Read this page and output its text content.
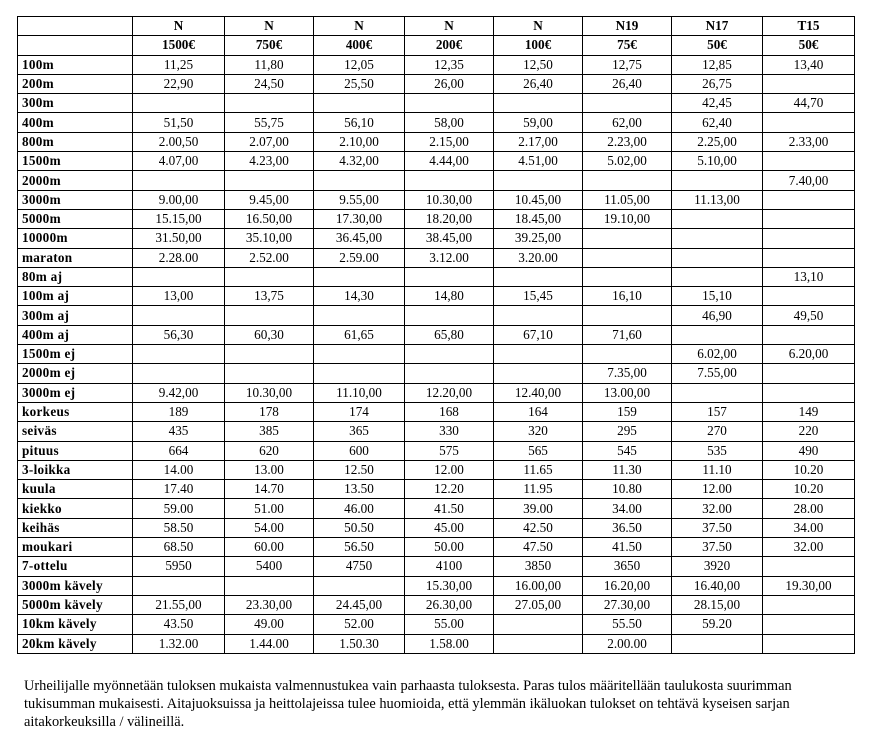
	N	N	N	N	N	N19	N17	T15
	1500€	750€	400€	200€	100€	75€	50€	50€
100m	11,25	11,80	12,05	12,35	12,50	12,75	12,85	13,40
200m	22,90	24,50	25,50	26,00	26,40	26,40	26,75	
300m							42,45	44,70
400m	51,50	55,75	56,10	58,00	59,00	62,00	62,40	
800m	2.00,50	2.07,00	2.10,00	2.15,00	2.17,00	2.23,00	2.25,00	2.33,00
1500m	4.07,00	4.23,00	4.32,00	4.44,00	4.51,00	5.02,00	5.10,00	
2000m								7.40,00
3000m	9.00,00	9.45,00	9.55,00	10.30,00	10.45,00	11.05,00	11.13,00	
5000m	15.15,00	16.50,00	17.30,00	18.20,00	18.45,00	19.10,00		
10000m	31.50,00	35.10,00	36.45,00	38.45,00	39.25,00			
maraton	2.28.00	2.52.00	2.59.00	3.12.00	3.20.00			
80m aj								13,10
100m aj	13,00	13,75	14,30	14,80	15,45	16,10	15,10	
300m aj							46,90	49,50
400m aj	56,30	60,30	61,65	65,80	67,10	71,60		
1500m ej							6.02,00	6.20,00
2000m ej						7.35,00	7.55,00	
3000m ej	9.42,00	10.30,00	11.10,00	12.20,00	12.40,00	13.00,00		
korkeus	189	178	174	168	164	159	157	149
seiväs	435	385	365	330	320	295	270	220
pituus	664	620	600	575	565	545	535	490
3-loikka	14.00	13.00	12.50	12.00	11.65	11.30	11.10	10.20
kuula	17.40	14.70	13.50	12.20	11.95	10.80	12.00	10.20
kiekko	59.00	51.00	46.00	41.50	39.00	34.00	32.00	28.00
keihäs	58.50	54.00	50.50	45.00	42.50	36.50	37.50	34.00
moukari	68.50	60.00	56.50	50.00	47.50	41.50	37.50	32.00
7-ottelu	5950	5400	4750	4100	3850	3650	3920	
3000m kävely				15.30,00	16.00,00	16.20,00	16.40,00	19.30,00
5000m kävely	21.55,00	23.30,00	24.45,00	26.30,00	27.05,00	27.30,00	28.15,00	
10km kävely	43.50	49.00	52.00	55.00		55.50	59.20	
20km kävely	1.32.00	1.44.00	1.50.30	1.58.00		2.00.00		

Urheilijalle myönnetään tuloksen mukaista valmennustukea vain parhaasta tuloksesta. Paras tulos määritellään taulukosta suurimman tukisumman mukaisesti. Aitajuoksuissa ja heittolajeissa tulee huomioida, että ylemmän ikäluokan tulokset on tehtävä kyseisen sarjan aitakorkeuksilla / välineillä.
